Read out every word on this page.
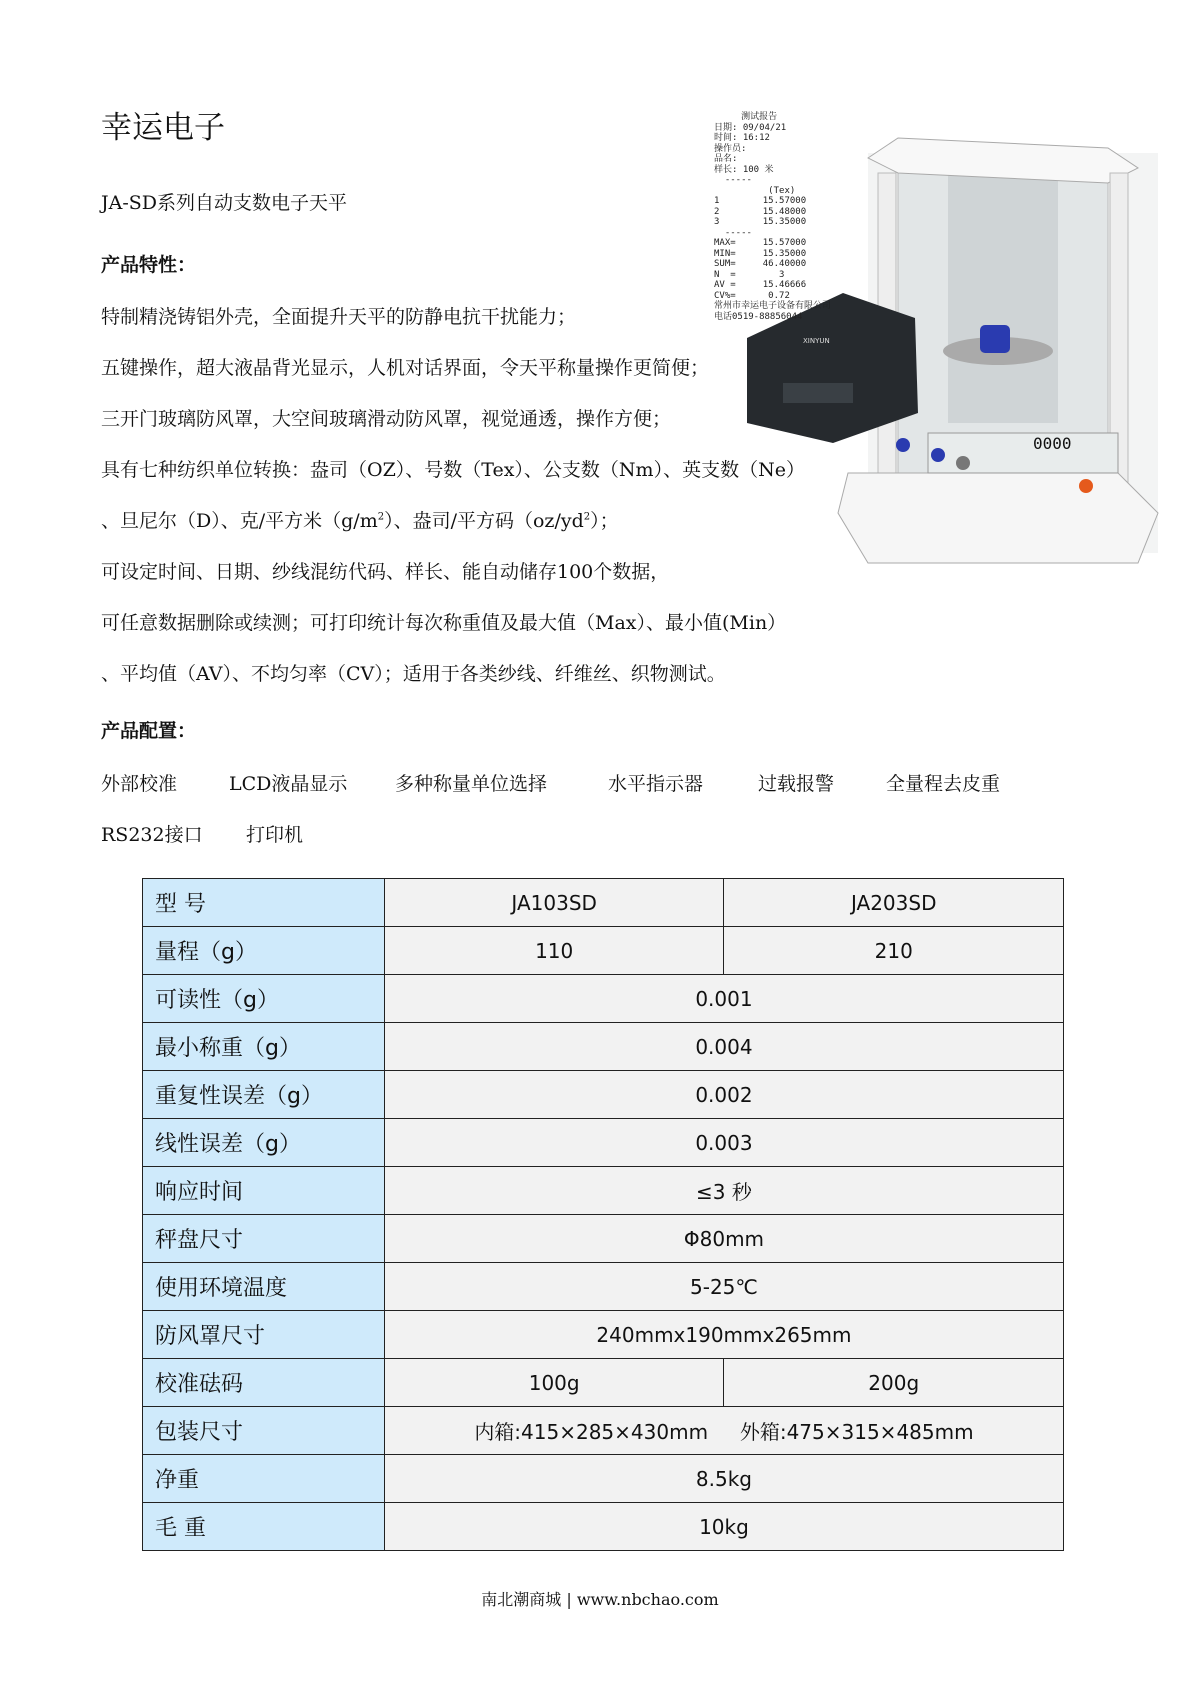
幸运电子
JA-SD系列自动支数电子天平
0000
XINYUN
测试报告
日期: 09/04/21
时间: 16:12
操作员:
品名:
样长: 100 米
-----
(Tex)
1        15.57000
2        15.48000
3        15.35000
-----
MAX=     15.57000
MIN=     15.35000
SUM=     46.40000
N  =        3
AV =     15.46666
CV%=      0.72
常州市幸运电子设备有限公司
电话0519-88856044
产品特性：
特制精浇铸铝外壳，全面提升天平的防静电抗干扰能力；
五键操作，超大液晶背光显示，人机对话界面，令天平称量操作更简便；
三开门玻璃防风罩，大空间玻璃滑动防风罩，视觉通透，操作方便；
具有七种纺织单位转换：盎司（OZ）、号数（Tex）、公支数（Nm）、英支数（Ne）
、旦尼尔（D）、克/平方米$(g/m^2)$、盎司/平方码$(oz/yd^2)$；
可设定时间、日期、纱线混纺代码、样长、能自动储存100个数据，
可任意数据删除或续测；可打印统计每次称重值及最大值（Max）、最小值(Min）
、平均值（AV）、不均匀率（CV）；适用于各类纱线、纤维丝、织物测试。
产品配置：
外部校准	LCD液晶显示	多种称量单位选择	水平指示器	过载报警	全量程去皮重
RS232接口 打印机
型 号	JA103SD	JA203SD
量程（g）	110	210
可读性（g）	0.001	
最小称重（g）	0.004	
重复性误差（g）	0.002	
线性误差（g）	0.003	
响应时间	≤3 秒	
秤盘尺寸	Φ80mm	
使用环境温度	5-25℃	
防风罩尺寸	240mmx190mmx265mm	
校准砝码	100g	200g
包装尺寸	内箱:415×285×430mm     外箱:475×315×485mm	
净重	8.5kg	
毛 重	10kg	
南北潮商城 | www.nbchao.com
